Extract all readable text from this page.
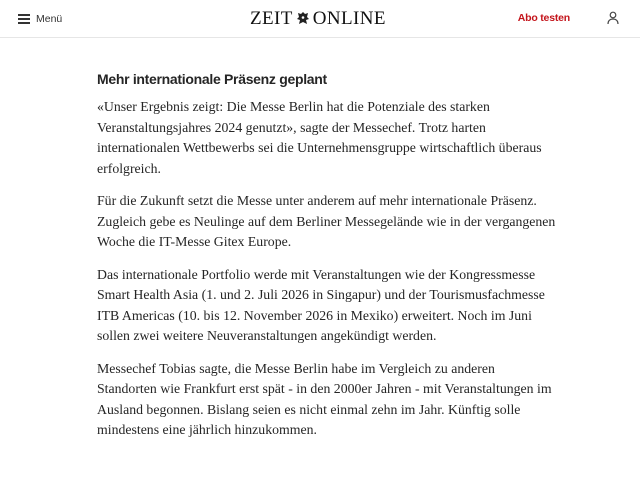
Menü	ZEIT ONLINE	Abo testen
Mehr internationale Präsenz geplant

«Unser Ergebnis zeigt: Die Messe Berlin hat die Potenziale des starken Veranstaltungsjahres 2024 genutzt», sagte der Messechef. Trotz harten internationalen Wettbewerbs sei die Unternehmensgruppe wirtschaftlich überaus erfolgreich.

Für die Zukunft setzt die Messe unter anderem auf mehr internationale Präsenz. Zugleich gebe es Neulinge auf dem Berliner Messegelände wie in der vergangenen Woche die IT-Messe Gitex Europe.

Das internationale Portfolio werde mit Veranstaltungen wie der Kongressmesse Smart Health Asia (1. und 2. Juli 2026 in Singapur) und der Tourismusfachmesse ITB Americas (10. bis 12. November 2026 in Mexiko) erweitert. Noch im Juni sollen zwei weitere Neuveranstaltungen angekündigt werden.

Messechef Tobias sagte, die Messe Berlin habe im Vergleich zu anderen Standorten wie Frankfurt erst spät - in den 2000er Jahren - mit Veranstaltungen im Ausland begonnen. Bislang seien es nicht einmal zehn im Jahr. Künftig solle mindestens eine jährlich hinzukommen.
